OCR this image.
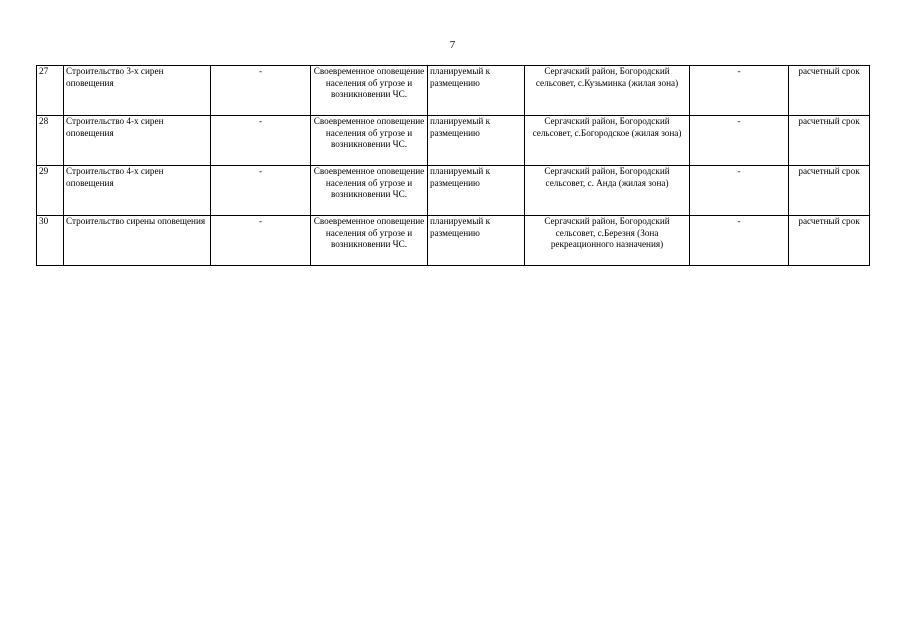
7
27	Строительство 3-х сирен оповещения	-	Своевременное оповещение населения об угрозе и возникновении ЧС.	планируемый к размещению	Сергачский район, Богородский сельсовет, с.Кузьминка (жилая зона)	-	расчетный срок
28	Строительство 4-х сирен оповещения	-	Своевременное оповещение населения об угрозе и возникновении ЧС.	планируемый к размещению	Сергачский район, Богородский сельсовет, с.Богородское (жилая зона)	-	расчетный срок
29	Строительство 4-х сирен оповещения	-	Своевременное оповещение населения об угрозе и возникновении ЧС.	планируемый к размещению	Сергачский район, Богородский сельсовет, с. Анда (жилая зона)	-	расчетный срок
30	Строительство сирены оповещения	-	Своевременное оповещение населения об угрозе и возникновении ЧС.	планируемый к размещению	Сергачский район, Богородский сельсовет, с.Березня (Зона рекреационного назначения)	-	расчетный срок
